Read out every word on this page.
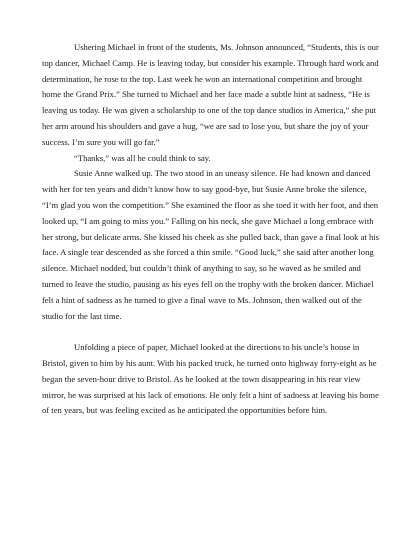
Ushering Michael in front of the students, Ms. Johnson announced, “Students, this is our top dancer, Michael Camp. He is leaving today, but consider his example. Through hard work and determination, he rose to the top. Last week he won an international competition and brought home the Grand Prix.” She turned to Michael and her face made a subtle hint at sadness, “He is leaving us today. He was given a scholarship to one of the top dance studios in America,” she put her arm around his shoulders and gave a hug, “we are sad to lose you, but share the joy of your success. I’m sure you will go far.”

“Thanks,” was all he could think to say.

Susie Anne walked up. The two stood in an uneasy silence. He had known and danced with her for ten years and didn’t know how to say good-bye, but Susie Anne broke the silence, “I’m glad you won the competition.” She examined the floor as she toed it with her foot, and then looked up, “I am going to miss you.” Falling on his neck, she gave Michael a long embrace with her strong, but delicate arms. She kissed his cheek as she pulled back, than gave a final look at his face. A single tear descended as she forced a thin smile. “Good luck,” she said after another long silence. Michael nodded, but couldn’t think of anything to say, so he waved as he smiled and turned to leave the studio, pausing as his eyes fell on the trophy with the broken dancer. Michael felt a hint of sadness as he turned to give a final wave to Ms. Johnson, then walked out of the studio for the last time.

Unfolding a piece of paper, Michael looked at the directions to his uncle’s house in Bristol, given to him by his aunt. With his packed truck, he turned onto highway forty-eight as he began the seven-hour drive to Bristol. As he looked at the town disappearing in his rear view mirror, he was surprised at his lack of emotions. He only felt a hint of sadness at leaving his home of ten years, but was feeling excited as he anticipated the opportunities before him.
